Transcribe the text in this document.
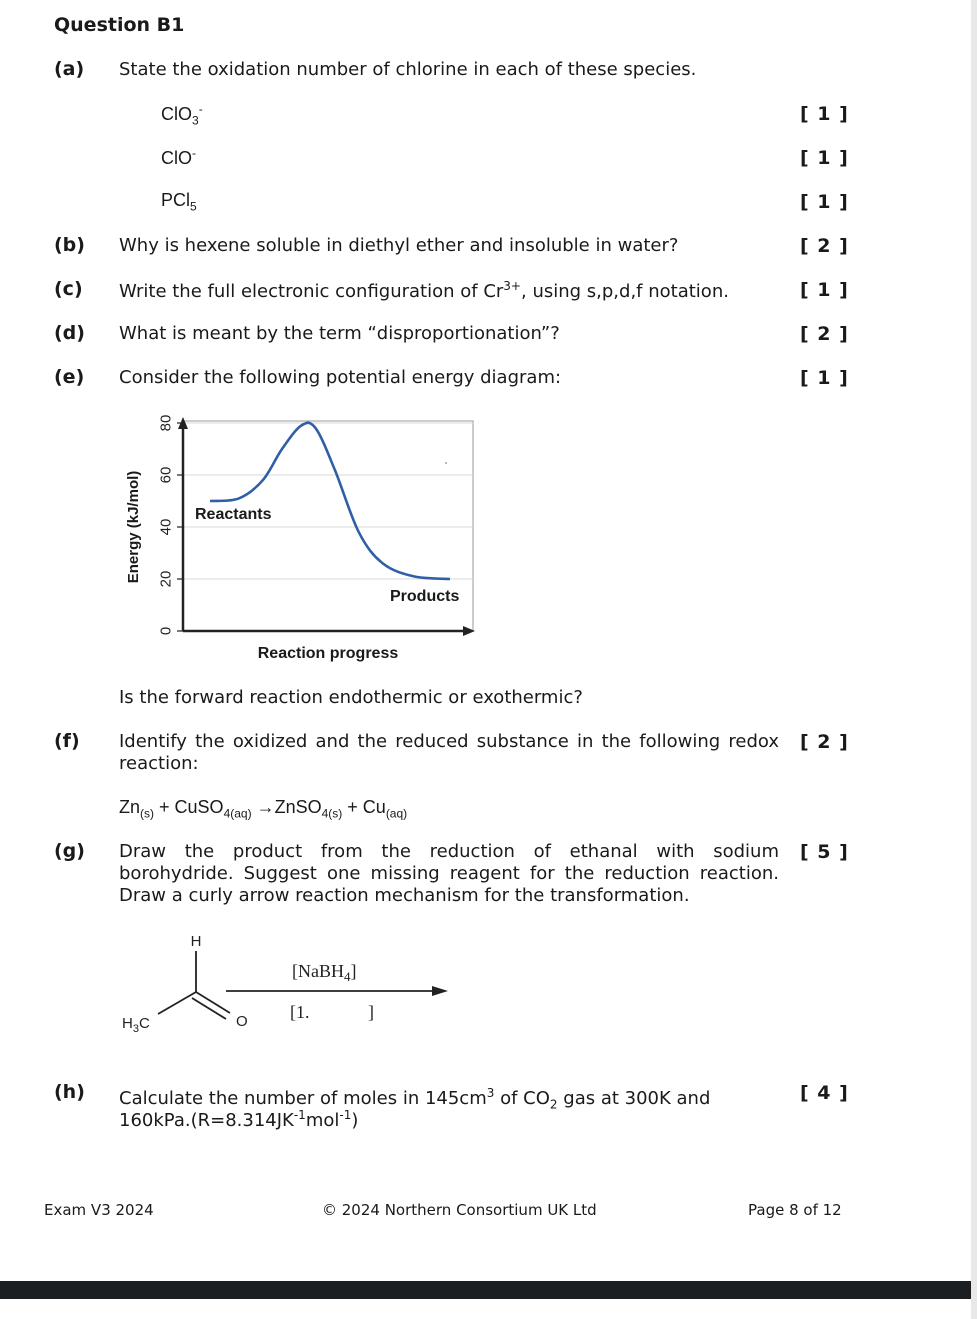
Question B1
(a) State the oxidation number of chlorine in each of these species.
ClO$_3$-	[ 1 ]
ClO-	[ 1 ]
PCl$_5$	[ 1 ]
(b) Why is hexene soluble in diethyl ether and insoluble in water?	[ 2 ]
(c) Write the full electronic configuration of $Cr^{3+}$, using s,p,d,f notation.	[ 1 ]
(d) What is meant by the term “disproportionation”?	[ 2 ]
(e) Consider the following potential energy diagram:	[ 1 ]
0
20
40
60
80
Reactants
Products
Reaction progress
Energy (kJ/mol)
Is the forward reaction endothermic or exothermic?
(f) Identify the oxidized and the reduced substance in the following redox reaction:
[ 2 ]
$Zn_{(s)}$ + CuSO$_{4(aq)}$ →ZnSO$_{4(s)}$ + $Cu_{(aq)}$
(g) Draw the product from the reduction of ethanal with sodium borohydride. Suggest one missing reagent for the reduction reaction. Draw a curly arrow reaction mechanism for the transformation.
[ 5 ]
H
O
$H_3C$
[NaBH$_4$]
[1.	]
(h) Calculate the number of moles in $145cm^3$ of $CO_2$ gas at 300K and
$160kPa.(R=8.314JK^{-1}mol^{-1})$
[ 4 ]
Exam V3 2024	© 2024 Northern Consortium UK Ltd	Page 8 of 12
